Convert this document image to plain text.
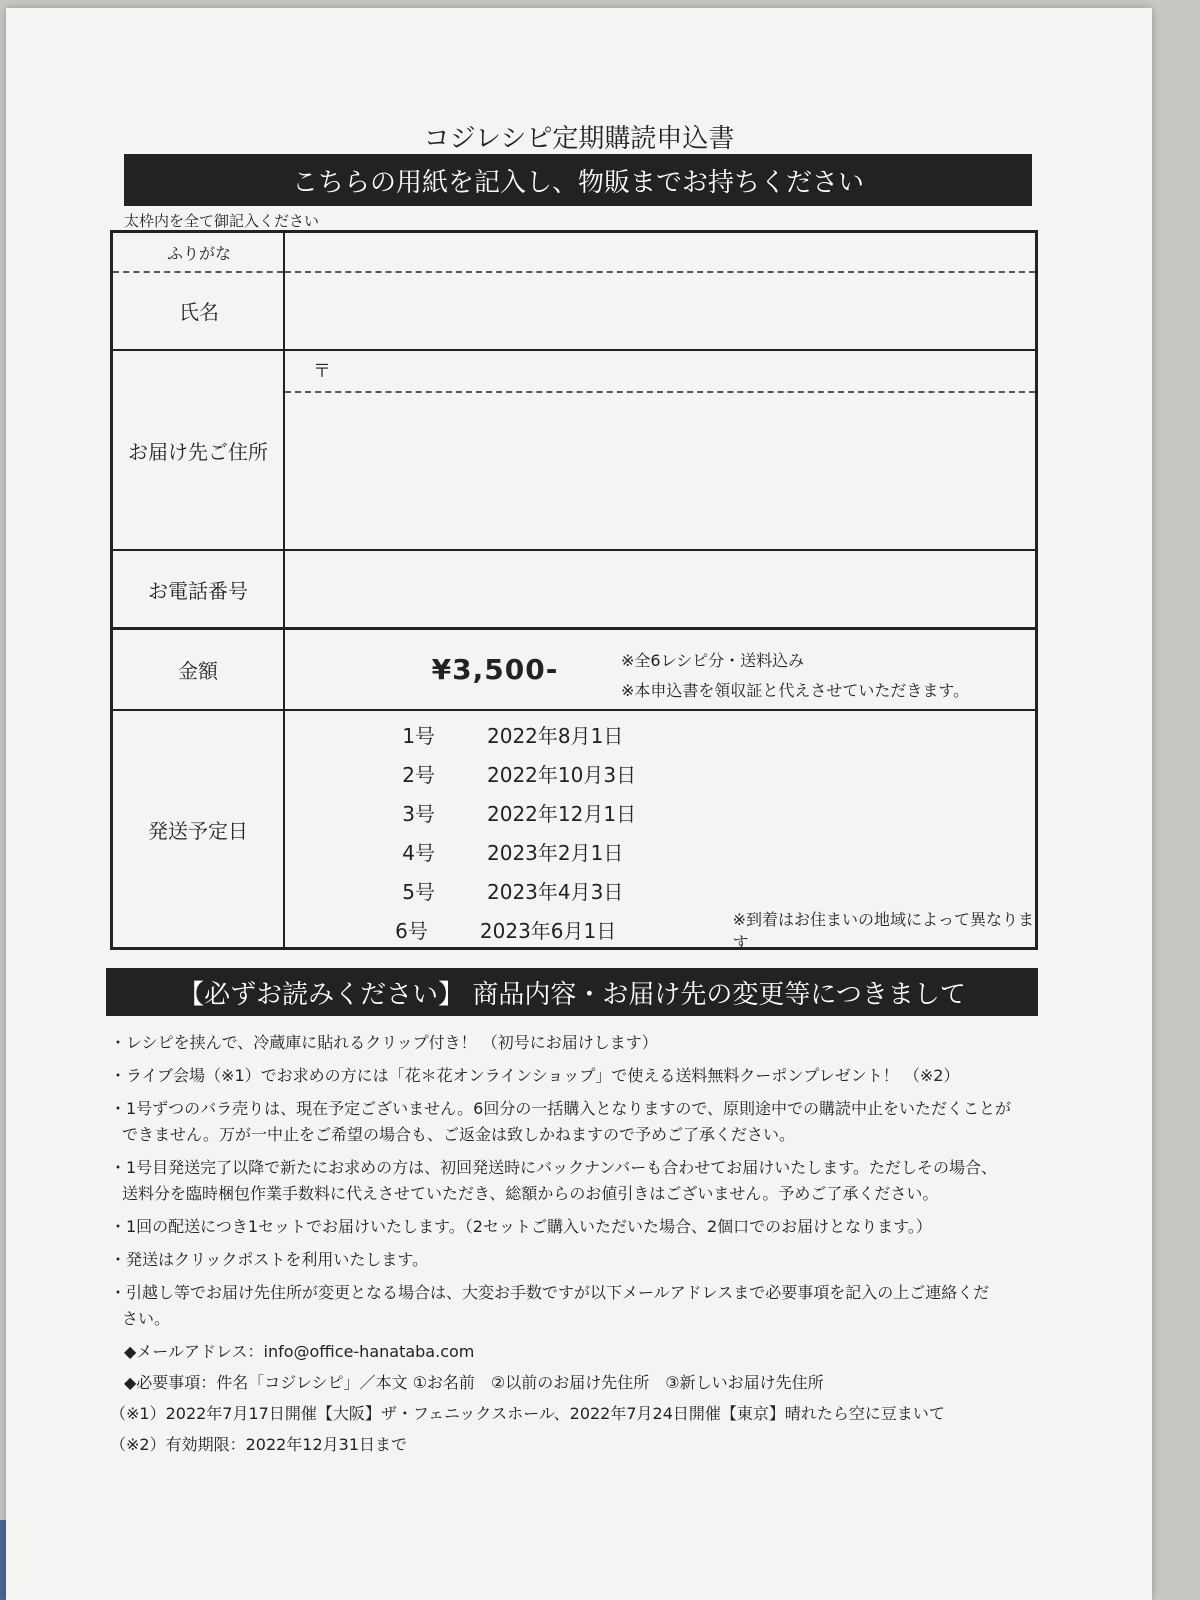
コジレシピ定期購読申込書
こちらの用紙を記入し、物販までお持ちください
太枠内を全て御記入ください
ふりがな
氏名
お届け先ご住所
〒
お電話番号
金額	¥3,500-	※全6レシピ分・送料込み
※本申込書を領収証と代えさせていただきます。
発送予定日
1号	2022年8月1日
2号	2022年10月3日
3号	2022年12月1日
4号	2023年2月1日
5号	2023年4月3日
6号	2023年6月1日	※到着はお住まいの地域によって異なります
【必ずお読みください】 商品内容・お届け先の変更等につきまして
・レシピを挟んで、冷蔵庫に貼れるクリップ付き！ （初号にお届けします）
・ライブ会場（※1）でお求めの方には「花＊花オンラインショップ」で使える送料無料クーポンプレゼント！ （※2）
・1号ずつのバラ売りは、現在予定ございません。6回分の一括購入となりますので、原則途中での購読中止をいただくことが
できません。万が一中止をご希望の場合も、ご返金は致しかねますので予めご了承ください。
・1号目発送完了以降で新たにお求めの方は、初回発送時にバックナンバーも合わせてお届けいたします。ただしその場合、
送料分を臨時梱包作業手数料に代えさせていただき、総額からのお値引きはございません。予めご了承ください。
・1回の配送につき1セットでお届けいたします。（2セットご購入いただいた場合、2個口でのお届けとなります。）
・発送はクリックポストを利用いたします。
・引越し等でお届け先住所が変更となる場合は、大変お手数ですが以下メールアドレスまで必要事項を記入の上ご連絡くだ
さい。
◆メールアドレス：info@office-hanataba.com
◆必要事項：件名「コジレシピ」／本文 ①お名前　②以前のお届け先住所　③新しいお届け先住所
（※1）2022年7月17日開催【大阪】ザ・フェニックスホール、2022年7月24日開催【東京】晴れたら空に豆まいて
（※2）有効期限：2022年12月31日まで
